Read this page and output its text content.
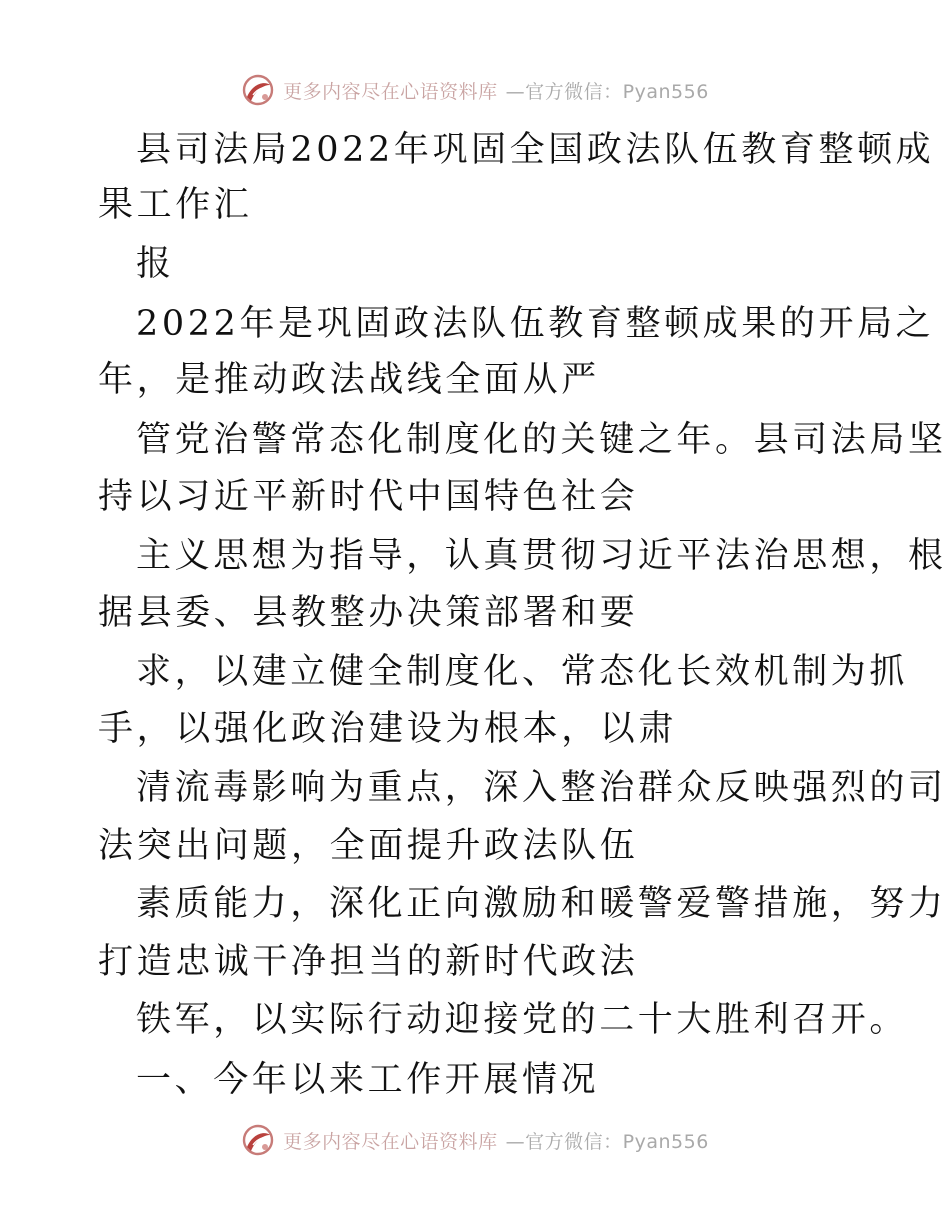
更多内容尽在心语资料库 —官方微信：Pyan556
县司法局2022年巩固全国政法队伍教育整顿成
果工作汇
报
2022年是巩固政法队伍教育整顿成果的开局之
年，是推动政法战线全面从严
管党治警常态化制度化的关键之年。县司法局坚
持以习近平新时代中国特色社会
主义思想为指导，认真贯彻习近平法治思想，根
据县委、县教整办决策部署和要
求，以建立健全制度化、常态化长效机制为抓
手，以强化政治建设为根本，以肃
清流毒影响为重点，深入整治群众反映强烈的司
法突出问题，全面提升政法队伍
素质能力，深化正向激励和暖警爱警措施，努力
打造忠诚干净担当的新时代政法
铁军，以实际行动迎接党的二十大胜利召开。
一、今年以来工作开展情况
更多内容尽在心语资料库 —官方微信：Pyan556
